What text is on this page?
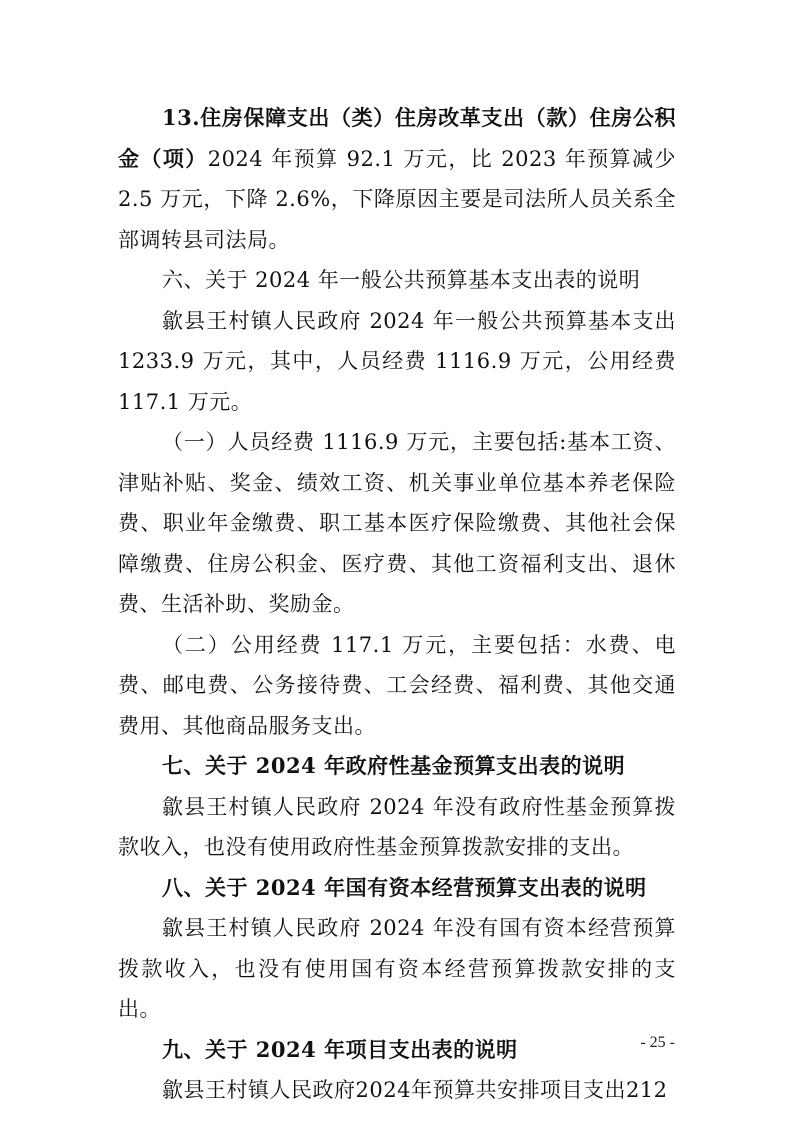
13.住房保障支出（类）住房改革支出（款）住房公积金（项）2024 年预算 92.1 万元，比 2023 年预算减少 2.5 万元，下降 2.6%，下降原因主要是司法所人员关系全部调转县司法局。

六、关于 2024 年一般公共预算基本支出表的说明

歙县王村镇人民政府 2024 年一般公共预算基本支出 1233.9 万元，其中，人员经费 1116.9 万元，公用经费 117.1 万元。

（一）人员经费 1116.9 万元，主要包括:基本工资、津贴补贴、奖金、绩效工资、机关事业单位基本养老保险费、职业年金缴费、职工基本医疗保险缴费、其他社会保障缴费、住房公积金、医疗费、其他工资福利支出、退休费、生活补助、奖励金。

（二）公用经费 117.1 万元，主要包括：水费、电费、邮电费、公务接待费、工会经费、福利费、其他交通费用、其他商品服务支出。

七、关于 2024 年政府性基金预算支出表的说明

歙县王村镇人民政府 2024 年没有政府性基金预算拨款收入，也没有使用政府性基金预算拨款安排的支出。

八、关于 2024 年国有资本经营预算支出表的说明

歙县王村镇人民政府 2024 年没有国有资本经营预算拨款收入，也没有使用国有资本经营预算拨款安排的支出。

九、关于 2024 年项目支出表的说明

歙县王村镇人民政府2024年预算共安排项目支出212

- 25 -
